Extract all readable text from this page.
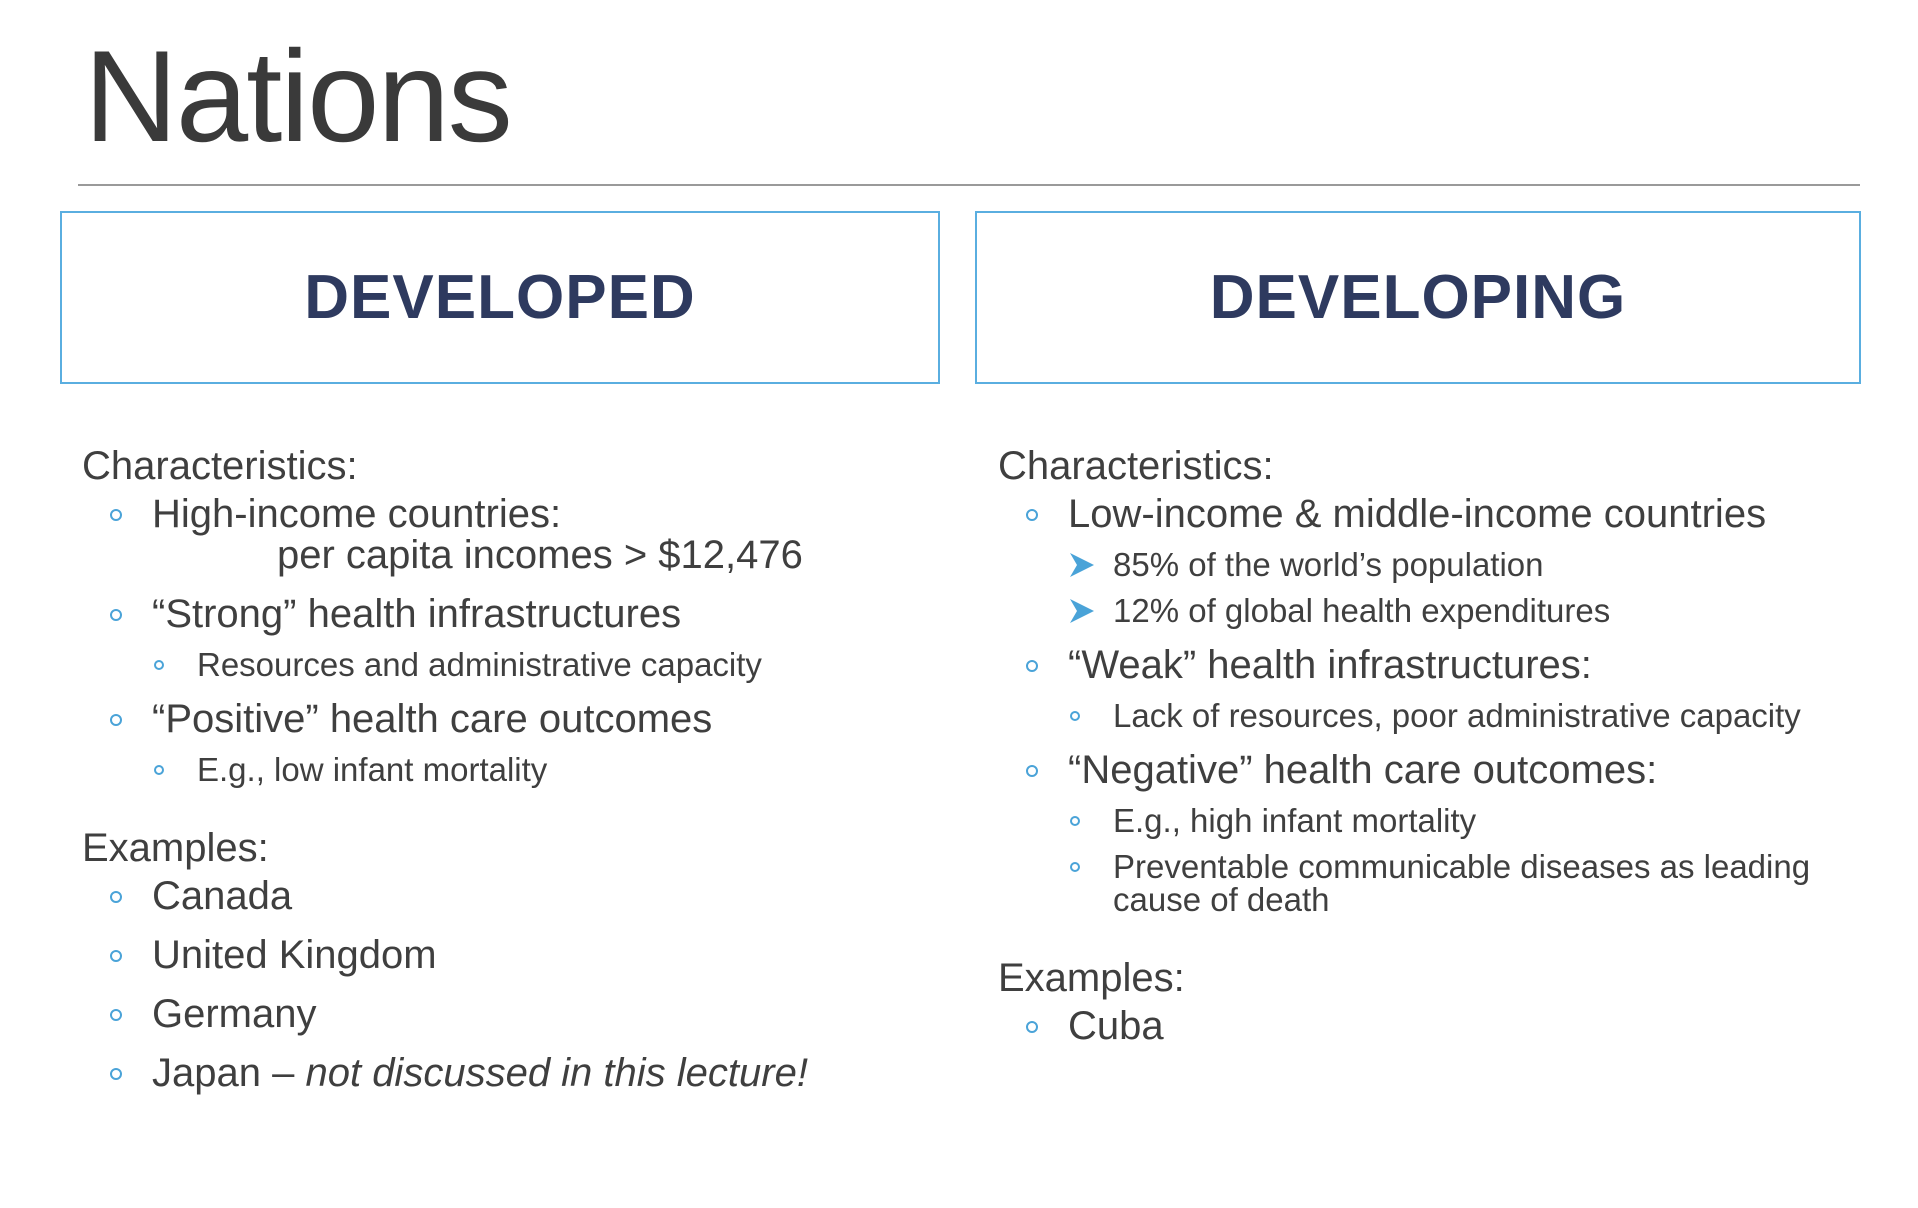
Nations
DEVELOPED	DEVELOPING

Characteristics:

High-income countries:
per capita incomes > $12,476
“Strong” health infrastructures
Resources and administrative capacity
“Positive” health care outcomes
E.g., low infant mortality

Examples:

Canada
United Kingdom
Germany
Japan – not discussed in this lecture!

Characteristics:

Low-income & middle-income countries
85% of the world’s population
12% of global health expenditures
“Weak” health infrastructures:
Lack of resources, poor administrative capacity
“Negative” health care outcomes:
E.g., high infant mortality
Preventable communicable diseases as leading cause of death

Examples:

Cuba
